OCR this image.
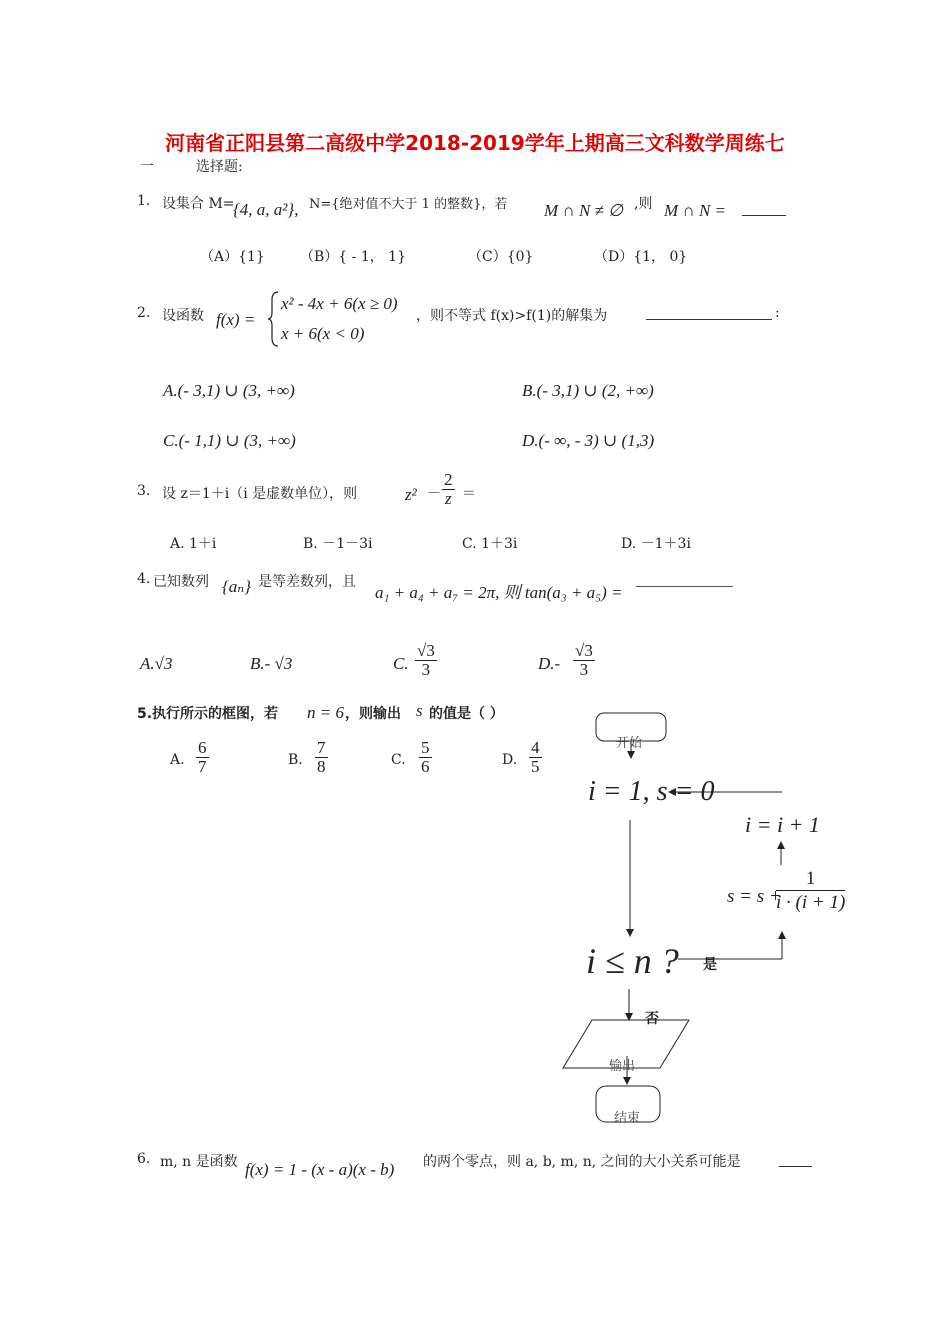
河南省正阳县第二高级中学2018-2019学年上期高三文科数学周练七
一	选择题:
1. 设集合 M=
{4, a, a²}, N={绝对值不大于 1 的整数}，若 M ∩ N ≠ ∅ ,则 M ∩ N =
（A）{1}	（B）{ - 1， 1}	（C）{0}	（D）{1， 0}
2. 设函数 f(x) =
x² - 4x + 6(x ≥ 0)
x + 6(x < 0)
，则不等式 f(x)>f(1)的解集为	:
A.(- 3,1) ∪ (3, +∞)	B.(- 3,1) ∪ (2, +∞)
C.(- 1,1) ∪ (3, +∞)	D.(- ∞, - 3) ∪ (1,3)
3. 设 z＝1＋i（i 是虚数单位），则	$z^2 - \frac{2}{z}$ ＝
A. 1＋i	B. －1－3i	C. 1＋3i	D. －1＋3i
4. 已知数列 {aₙ} 是等差数列，且
a₁ + a₄ + a₇ = 2π, 则 tan(a₃ + a₅) =
A.√3	B.- √3	C. $\frac{√3}{3}$	$D.- \frac{√3}{3}$
5.执行所示的框图，若 n = 6 ，则输出 s 的值是（ ）
A. $\frac{6}{7}$	B. $\frac{7}{8}$	C. $\frac{5}{6}$	D. $\frac{4}{5}$	开始
i = 1, s = 0
i = i + 1
s = s +
$\frac{1}{i \cdot (i + 1)}$
i ≤ n ? 是
否
输出
结束
6. m, n 是函数 f(x) = 1 - (x - a)(x - b) 的两个零点，则 a, b, m, n, 之间的大小关系可能是
